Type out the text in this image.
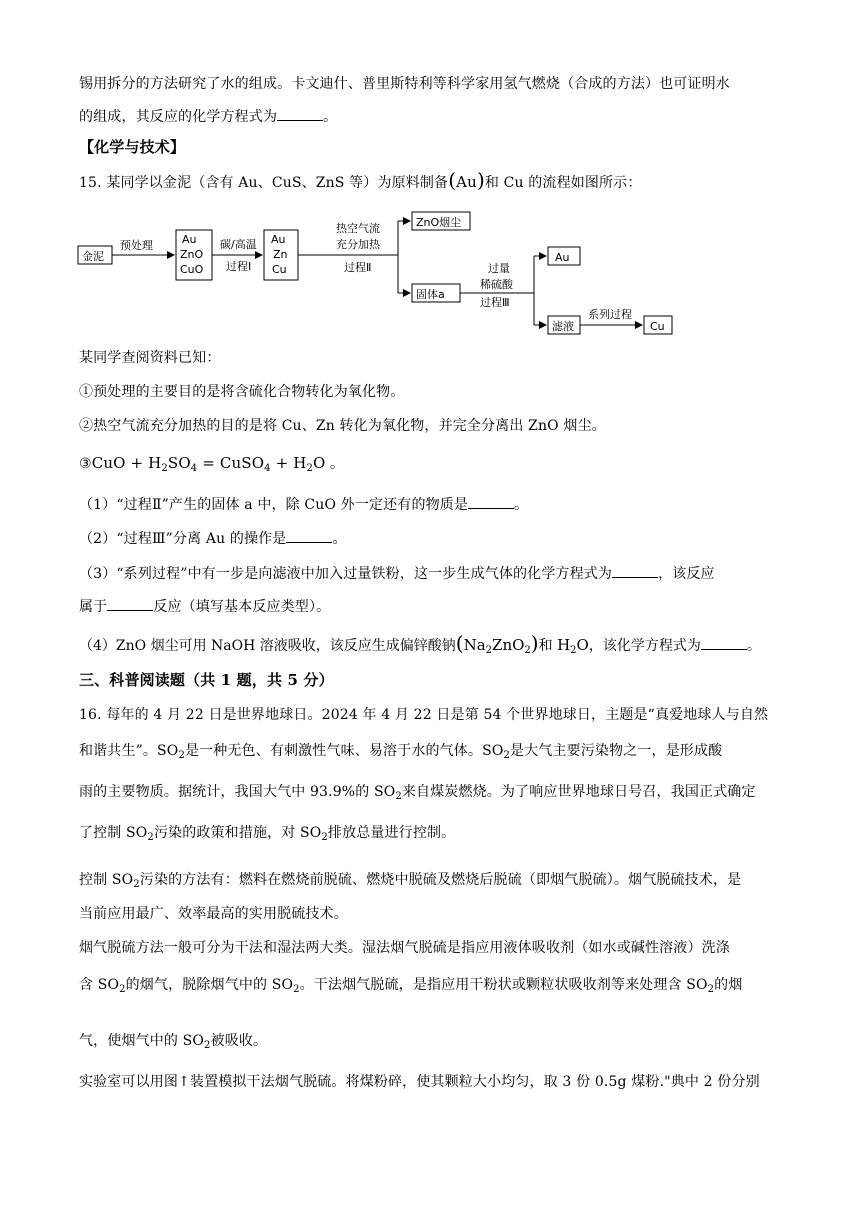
锡用拆分的方法研究了水的组成。卡文迪什、普里斯特利等科学家用氢气燃烧（合成的方法）也可证明水
的组成，其反应的化学方程式为	。
【化学与技术】
15. 某同学以金泥（含有 Au、CuS、ZnS 等）为原料制备(Au)和 Cu 的流程如图所示：
金泥
预处理	Au
ZnO
CuO
碳/高温
过程Ⅰ
Au
Zn
Cu
热空气流
充分加热
过程Ⅱ
ZnO烟尘
固体a
过量
稀硫酸
过程Ⅲ
Au
滤液
系列过程
Cu
某同学查阅资料已知：
①预处理的主要目的是将含硫化合物转化为氧化物。
②热空气流充分加热的目的是将 Cu、Zn 转化为氧化物，并完全分离出 ZnO 烟尘。
③CuO + $H_2SO_4$ = CuSO$_4$ + $H_2O$ 。
（1）“过程Ⅱ”产生的固体 a 中，除 CuO 外一定还有的物质是	。
（2）“过程Ⅲ”分离 Au 的操作是	。
（3）“系列过程”中有一步是向滤液中加入过量铁粉，这一步生成气体的化学方程式为	，该反应
属于	反应（填写基本反应类型）。
（4）ZnO 烟尘可用 NaOH 溶液吸收，该反应生成偏锌酸钠$(Na_2ZnO_2)$和 $H_2O$，该化学方程式为	。
三、科普阅读题（共 1 题，共 5 分）
16. 每年的 4 月 22 日是世界地球日。2024 年 4 月 22 日是第 54 个世界地球日，主题是“真爱地球人与自然
和谐共生”。$SO_2$是一种无色、有刺激性气味、易溶于水的气体。$SO_2$是大气主要污染物之一，是形成酸
雨的主要物质。据统计，我国大气中 93.9%的 $SO_2$来自煤炭燃烧。为了响应世界地球日号召，我国正式确定
了控制 $SO_2$污染的政策和措施，对 $SO_2$排放总量进行控制。
控制 $SO_2$污染的方法有：燃料在燃烧前脱硫、燃烧中脱硫及燃烧后脱硫（即烟气脱硫）。烟气脱硫技术，是
当前应用最广、效率最高的实用脱硫技术。
烟气脱硫方法一般可分为干法和湿法两大类。湿法烟气脱硫是指应用液体吸收剂（如水或碱性溶液）洗涤
含 $SO_2$的烟气，脱除烟气中的 $SO_2$。干法烟气脱硫，是指应用干粉状或颗粒状吸收剂等来处理含 $SO_2$的烟
气，使烟气中的 $SO_2$被吸收。
实验室可以用图↑装置模拟干法烟气脱硫。将煤粉碎，使其颗粒大小均匀，取 3 份 0.5g 煤粉."典中 2 份分别
